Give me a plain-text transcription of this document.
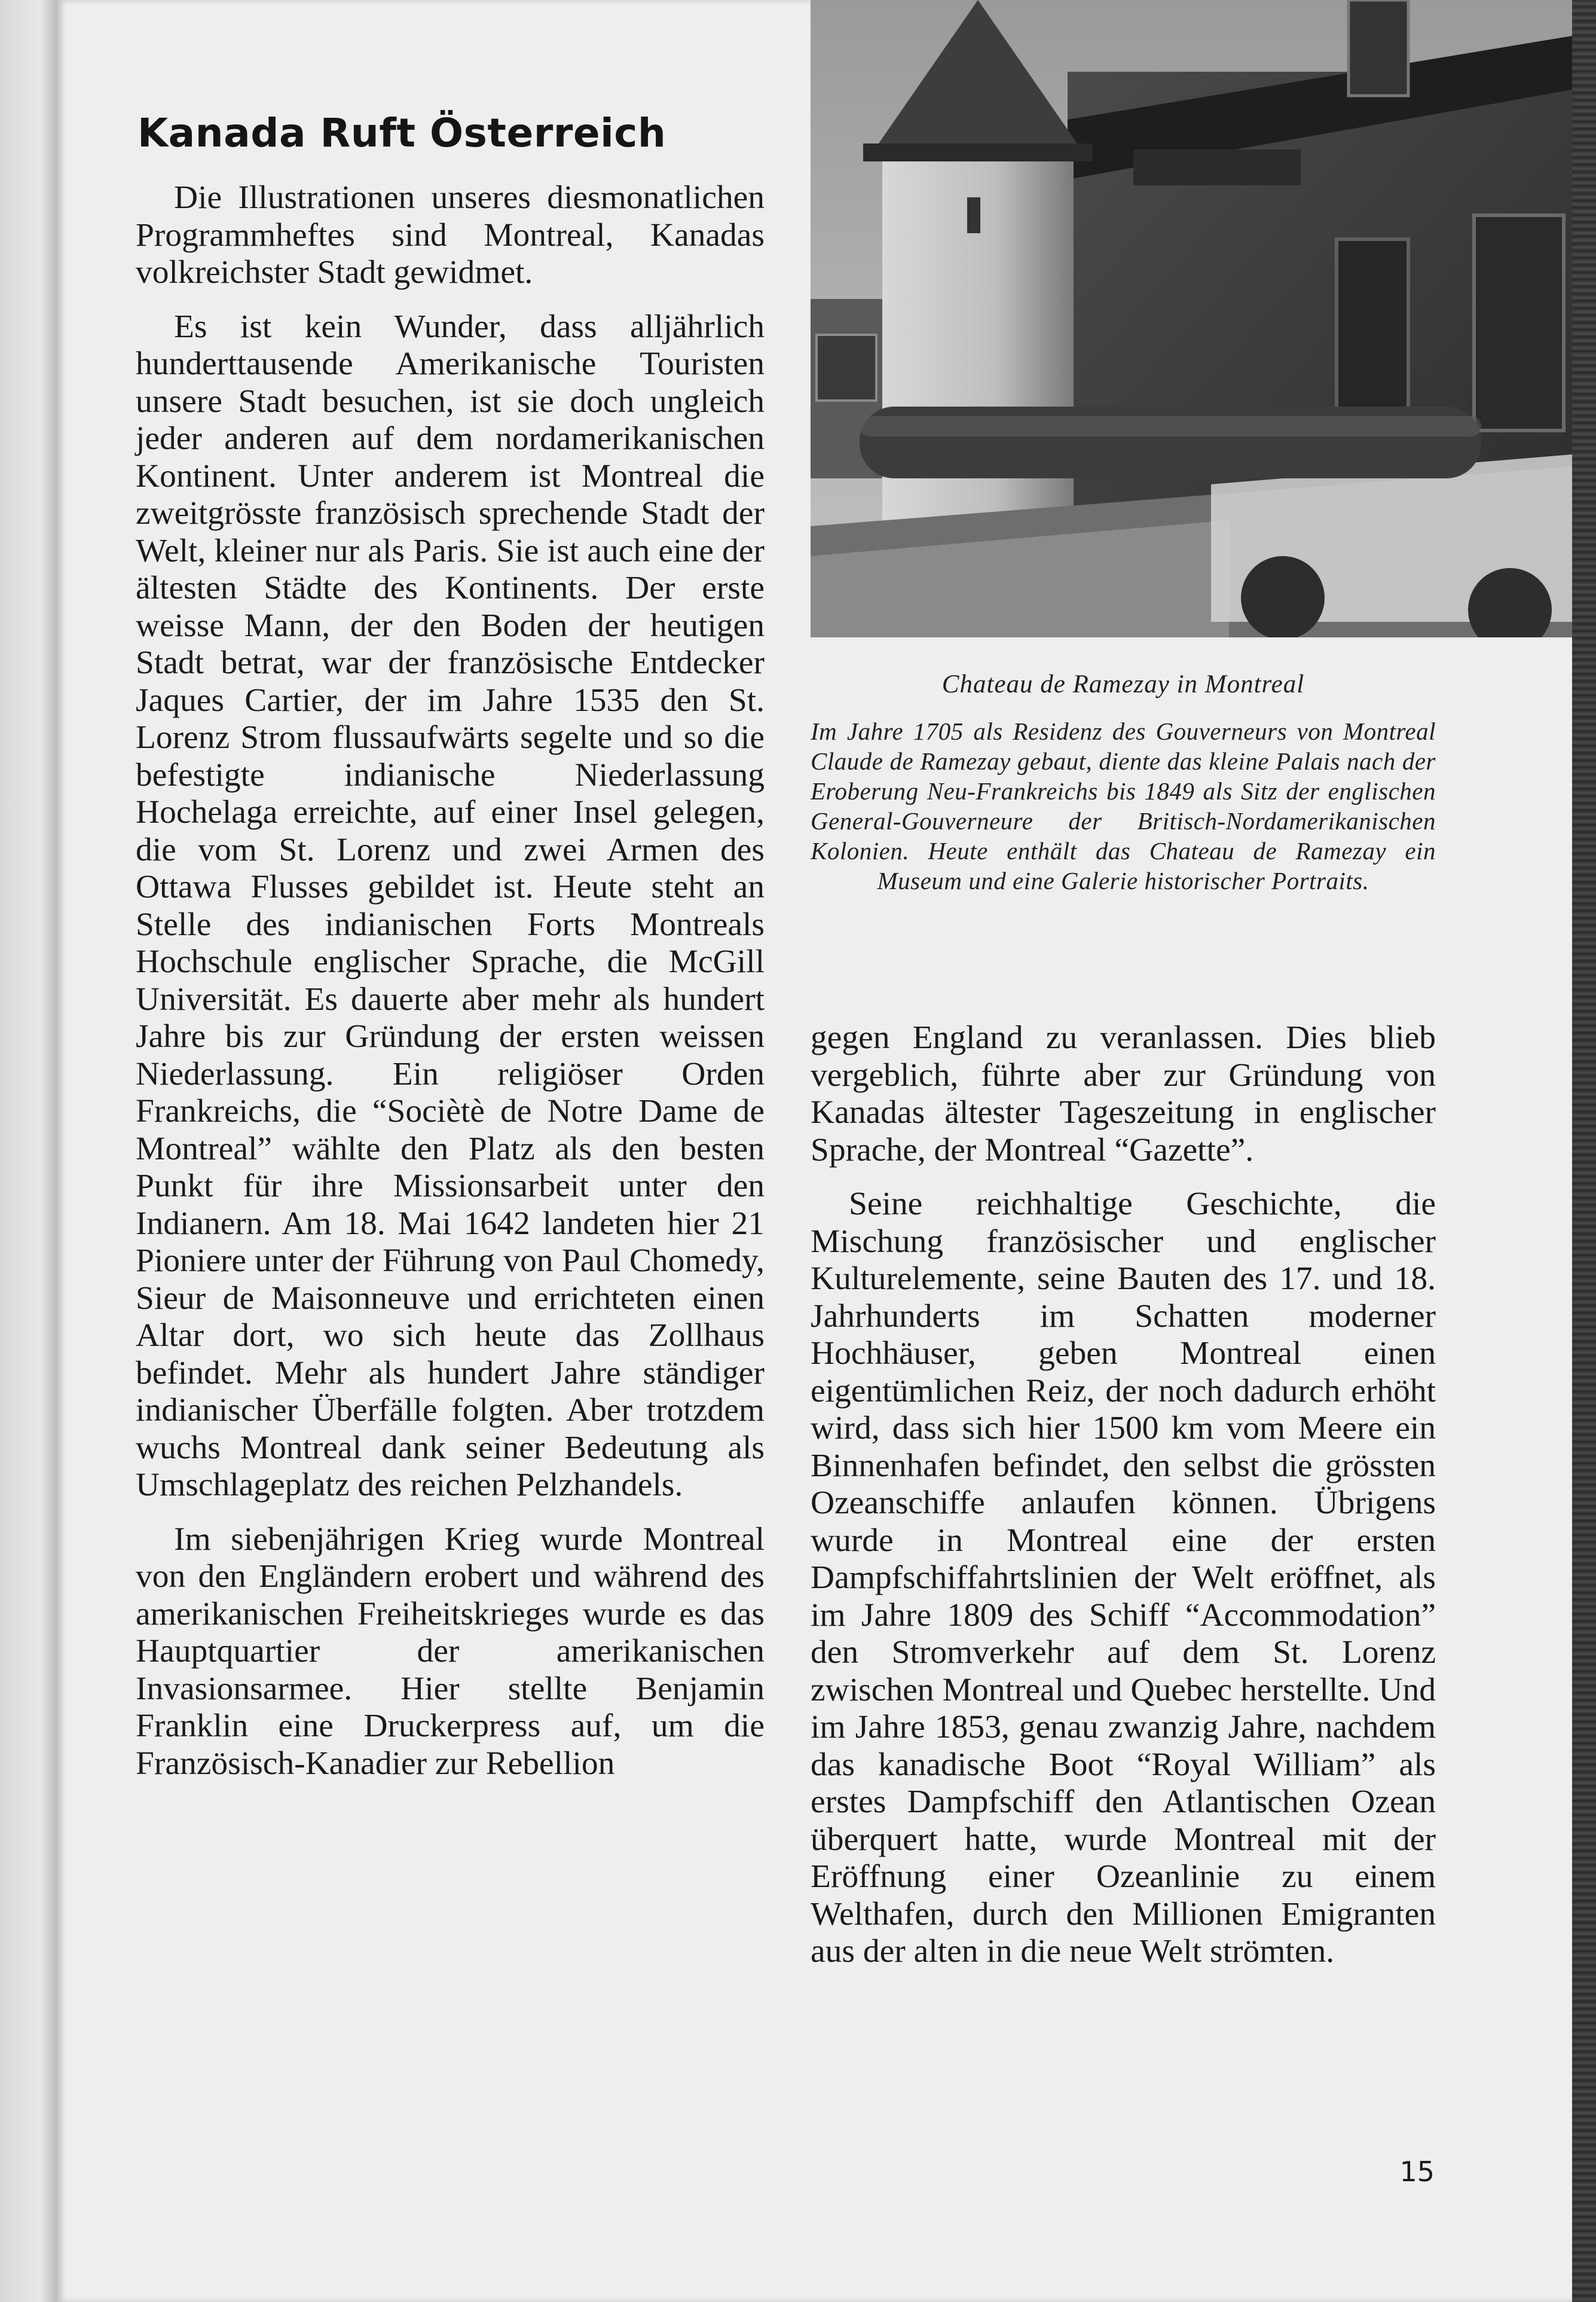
Kanada Ruft Österreich

Die Illustrationen unseres diesmonatlichen Programmheftes sind Montreal, Kanadas volkreichster Stadt gewidmet.

Es ist kein Wunder, dass alljährlich hunderttausende Amerikanische Touristen unsere Stadt besuchen, ist sie doch ungleich jeder anderen auf dem nordamerikanischen Kontinent. Unter anderem ist Montreal die zweitgrösste französisch sprechende Stadt der Welt, kleiner nur als Paris. Sie ist auch eine der ältesten Städte des Kontinents. Der erste weisse Mann, der den Boden der heutigen Stadt betrat, war der französische Entdecker Jaques Cartier, der im Jahre 1535 den St. Lorenz Strom flussaufwärts segelte und so die befestigte indianische Niederlassung Hochelaga erreichte, auf einer Insel gelegen, die vom St. Lorenz und zwei Armen des Ottawa Flusses gebildet ist. Heute steht an Stelle des indianischen Forts Montreals Hochschule englischer Sprache, die McGill Universität. Es dauerte aber mehr als hundert Jahre bis zur Gründung der ersten weissen Niederlassung. Ein religiöser Orden Frankreichs, die “Sociètè de Notre Dame de Montreal” wählte den Platz als den besten Punkt für ihre Missionsarbeit unter den Indianern. Am 18. Mai 1642 landeten hier 21 Pioniere unter der Führung von Paul Chomedy, Sieur de Maisonneuve und errichteten einen Altar dort, wo sich heute das Zollhaus befindet. Mehr als hundert Jahre ständiger indianischer Überfälle folgten. Aber trotzdem wuchs Montreal dank seiner Bedeutung als Umschlageplatz des reichen Pelzhandels.

Im siebenjährigen Krieg wurde Montreal von den Engländern erobert und während des amerikanischen Freiheitskrieges wurde es das Hauptquartier der amerikanischen Invasionsarmee. Hier stellte Benjamin Franklin eine Druckerpress auf, um die Französisch-Kanadier zur Rebellion

Chateau de Ramezay in Montreal

Im Jahre 1705 als Residenz des Gouverneurs von Montreal Claude de Ramezay gebaut, diente das kleine Palais nach der Eroberung Neu-Frankreichs bis 1849 als Sitz der englischen General-Gouverneure der Britisch-Nordamerikanischen Kolonien. Heute enthält das Chateau de Ramezay ein Museum und eine Galerie historischer Portraits.

gegen England zu veranlassen. Dies blieb vergeblich, führte aber zur Gründung von Kanadas ältester Tageszeitung in englischer Sprache, der Montreal “Gazette”.

Seine reichhaltige Geschichte, die Mischung französischer und englischer Kulturelemente, seine Bauten des 17. und 18. Jahrhunderts im Schatten moderner Hochhäuser, geben Montreal einen eigentümlichen Reiz, der noch dadurch erhöht wird, dass sich hier 1500 km vom Meere ein Binnenhafen befindet, den selbst die grössten Ozeanschiffe anlaufen können. Übrigens wurde in Montreal eine der ersten Dampfschiffahrtslinien der Welt eröffnet, als im Jahre 1809 des Schiff “Accommodation” den Stromverkehr auf dem St. Lorenz zwischen Montreal und Quebec herstellte. Und im Jahre 1853, genau zwanzig Jahre, nachdem das kanadische Boot “Royal William” als erstes Dampfschiff den Atlantischen Ozean überquert hatte, wurde Montreal mit der Eröffnung einer Ozeanlinie zu einem Welthafen, durch den Millionen Emigranten aus der alten in die neue Welt strömten.

15
